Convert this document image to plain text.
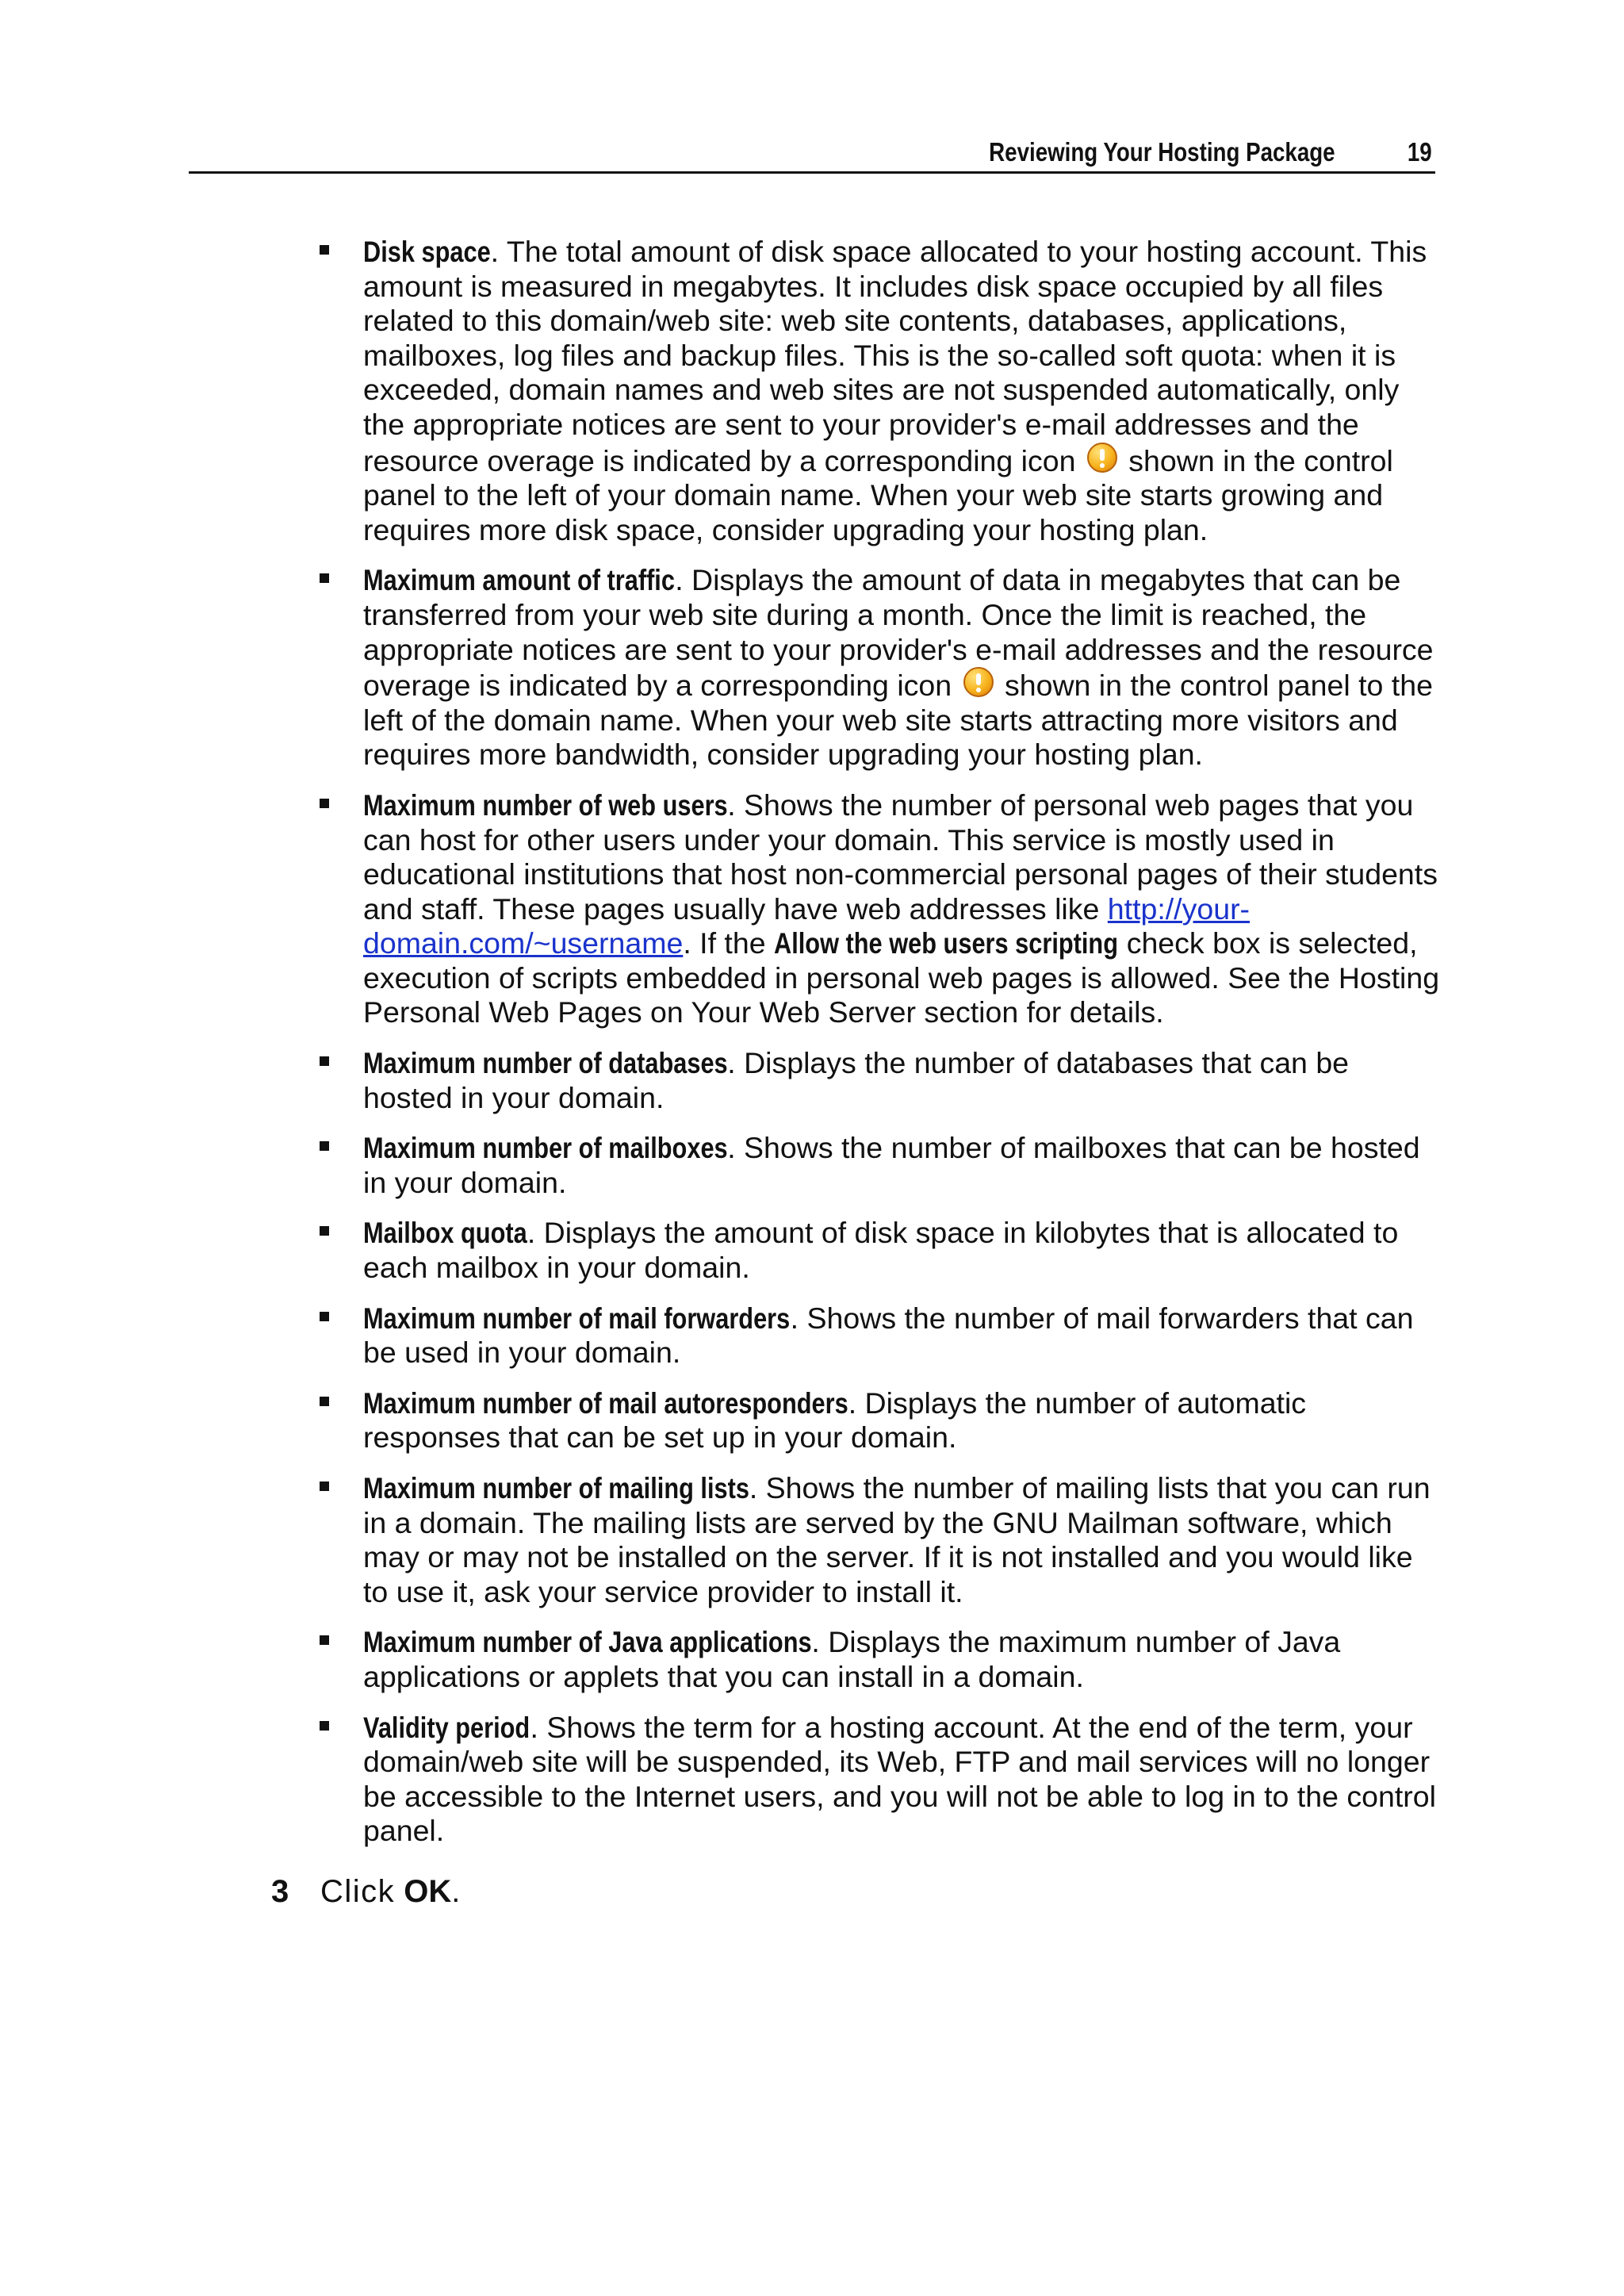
Reviewing Your Hosting Package	19
Disk space. The total amount of disk space allocated to your hosting account. This amount is measured in megabytes. It includes disk space occupied by all files related to this domain/web site: web site contents, databases, applications, mailboxes, log files and backup files. This is the so-called soft quota: when it is exceeded, domain names and web sites are not suspended automatically, only the appropriate notices are sent to your provider's e-mail addresses and the resource overage is indicated by a corresponding icon shown in the control panel to the left of your domain name. When your web site starts growing and requires more disk space, consider upgrading your hosting plan.
Maximum amount of traffic. Displays the amount of data in megabytes that can be transferred from your web site during a month. Once the limit is reached, the appropriate notices are sent to your provider's e-mail addresses and the resource overage is indicated by a corresponding icon shown in the control panel to the left of the domain name. When your web site starts attracting more visitors and requires more bandwidth, consider upgrading your hosting plan.
Maximum number of web users. Shows the number of personal web pages that you can host for other users under your domain. This service is mostly used in educational institutions that host non-commercial personal pages of their students and staff. These pages usually have web addresses like http://your-domain.com/~username. If the Allow the web users scripting check box is selected, execution of scripts embedded in personal web pages is allowed. See the Hosting Personal Web Pages on Your Web Server section for details.
Maximum number of databases. Displays the number of databases that can be hosted in your domain.
Maximum number of mailboxes. Shows the number of mailboxes that can be hosted in your domain.
Mailbox quota. Displays the amount of disk space in kilobytes that is allocated to each mailbox in your domain.
Maximum number of mail forwarders. Shows the number of mail forwarders that can be used in your domain.
Maximum number of mail autoresponders. Displays the number of automatic responses that can be set up in your domain.
Maximum number of mailing lists. Shows the number of mailing lists that you can run in a domain. The mailing lists are served by the GNU Mailman software, which may or may not be installed on the server. If it is not installed and you would like to use it, ask your service provider to install it.
Maximum number of Java applications. Displays the maximum number of Java applications or applets that you can install in a domain.
Validity period. Shows the term for a hosting account. At the end of the term, your domain/web site will be suspended, its Web, FTP and mail services will no longer be accessible to the Internet users, and you will not be able to log in to the control panel.
3 Click OK.
